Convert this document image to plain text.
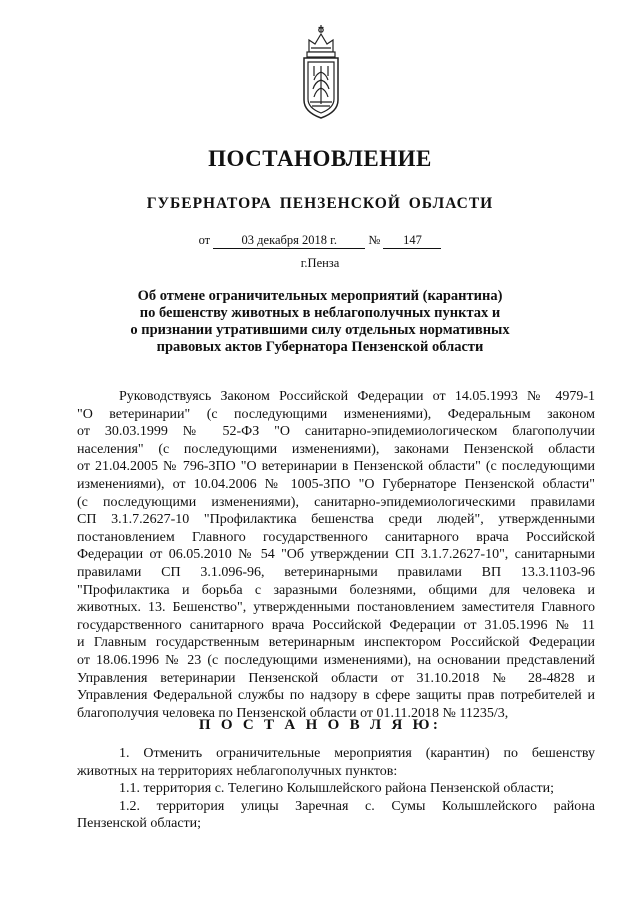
ПОСТАНОВЛЕНИЕ
ГУБЕРНАТОРА ПЕНЗЕНСКОЙ ОБЛАСТИ
от	03 декабря 2018 г.	№ 147
г.Пенза
Об отмене ограничительных мероприятий (карантина)
по бешенству животных в неблагополучных пунктах и
о признании утратившими силу отдельных нормативных
правовых актов Губернатора Пензенской области
Руководствуясь Законом Российской Федерации от 14.05.1993 № 4979-1
"О ветеринарии" (с последующими изменениями), Федеральным законом
от 30.03.1999 № 52-ФЗ "О санитарно-эпидемиологическом благополучии
населения" (с последующими изменениями), законами Пензенской области
от 21.04.2005 № 796-ЗПО "О ветеринарии в Пензенской области" (с последующими
изменениями), от 10.04.2006 № 1005-ЗПО "О Губернаторе Пензенской области"
(с последующими изменениями), санитарно-эпидемиологическими правилами
СП 3.1.7.2627-10 "Профилактика бешенства среди людей", утвержденными
постановлением Главного государственного санитарного врача Российской
Федерации от 06.05.2010 № 54 "Об утверждении СП 3.1.7.2627-10", санитарными
правилами СП 3.1.096-96, ветеринарными правилами ВП 13.3.1103-96
"Профилактика и борьба с заразными болезнями, общими для человека и
животных. 13. Бешенство", утвержденными постановлением заместителя Главного
государственного санитарного врача Российской Федерации от 31.05.1996 № 11
и Главным государственным ветеринарным инспектором Российской Федерации
от 18.06.1996 № 23 (с последующими изменениями), на основании представлений
Управления ветеринарии Пензенской области от 31.10.2018 № 28-4828 и
Управления Федеральной службы по надзору в сфере защиты прав потребителей и
благополучия человека по Пензенской области от 01.11.2018 № 11235/3,
П О С Т А Н О В Л Я Ю:
1. Отменить ограничительные мероприятия (карантин) по бешенству
животных на территориях неблагополучных пунктов:
1.1. территория с. Телегино Колышлейского района Пензенской области;
1.2. территория улицы Заречная с. Сумы Колышлейского района
Пензенской области;
